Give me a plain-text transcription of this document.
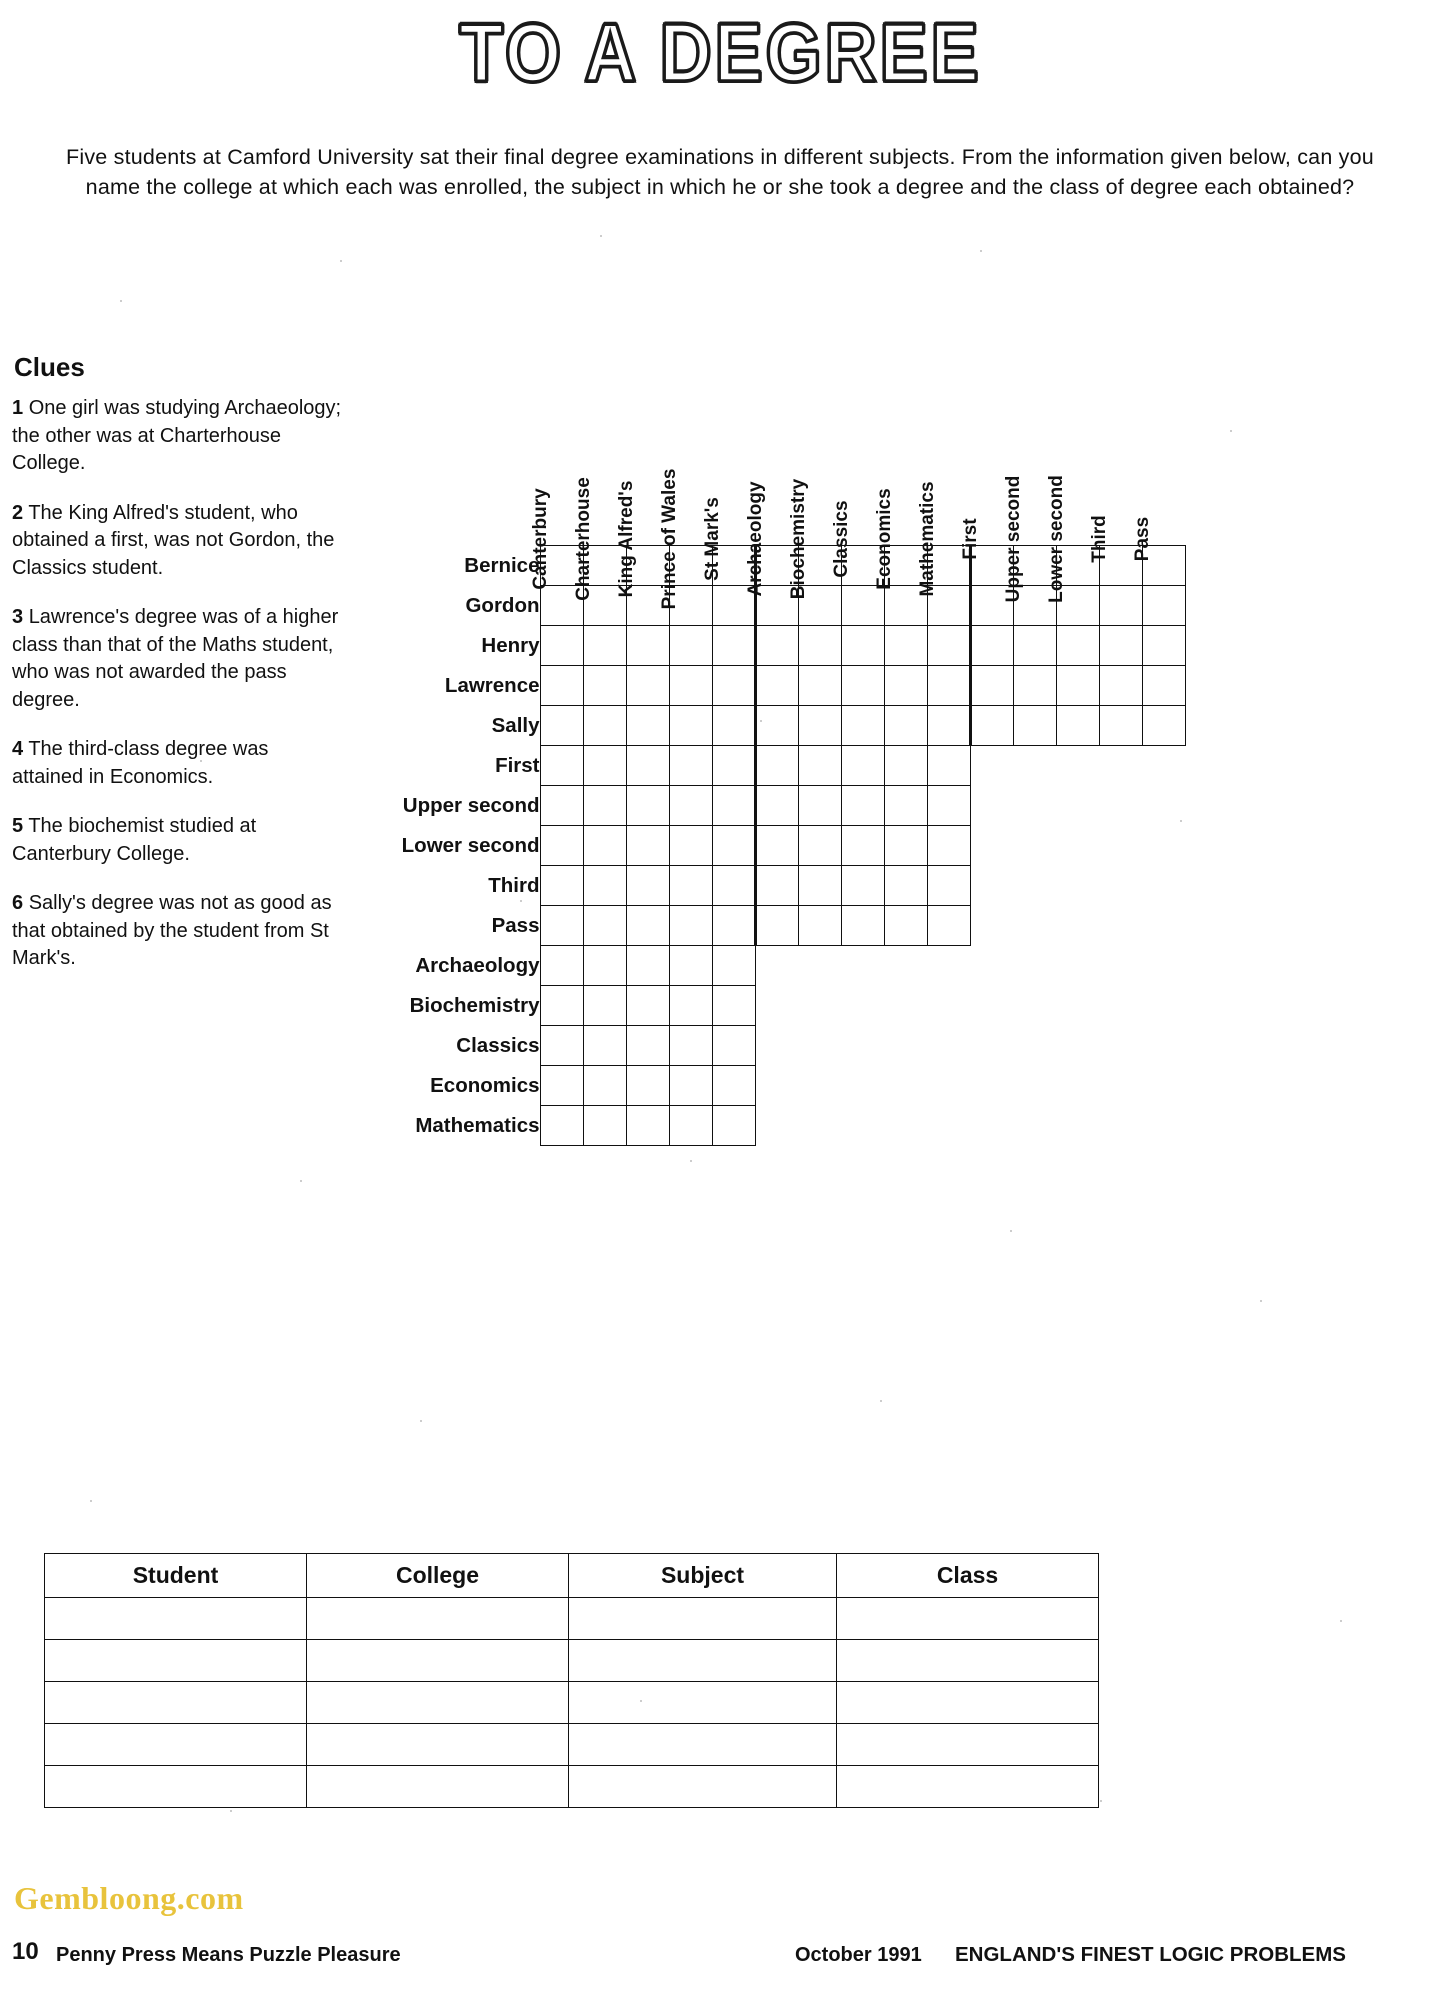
TO A DEGREE
Five students at Camford University sat their final degree examinations in different subjects. From the information given below, can you name the college at which each was enrolled, the subject in which he or she took a degree and the class of degree each obtained?
Clues
1 One girl was studying Archaeology; the other was at Charterhouse College.
2 The King Alfred's student, who obtained a first, was not Gordon, the Classics student.
3 Lawrence's degree was of a higher class than that of the Maths student, who was not awarded the pass degree.
4 The third-class degree was attained in Economics.
5 The biochemist studied at Canterbury College.
6 Sally's degree was not as good as that obtained by the student from St Mark's.

	Canterbury	Charterhouse	King Alfred's	Prince of Wales	St Mark's	Archaeology	Biochemistry	Classics	Economics	Mathematics	First	Upper second	Lower second	Third	Pass

Bernice															
Gordon															
Henry															
Lawrence															
Sally															
First															
Upper second															
Lower second															
Third															
Pass															
Archaeology															
Biochemistry															
Classics															
Economics															
Mathematics															
Student	College	Subject	Class

Gembloong.com
10 Penny Press Means Puzzle Pleasure	October 1991 ENGLAND'S FINEST LOGIC PROBLEMS
